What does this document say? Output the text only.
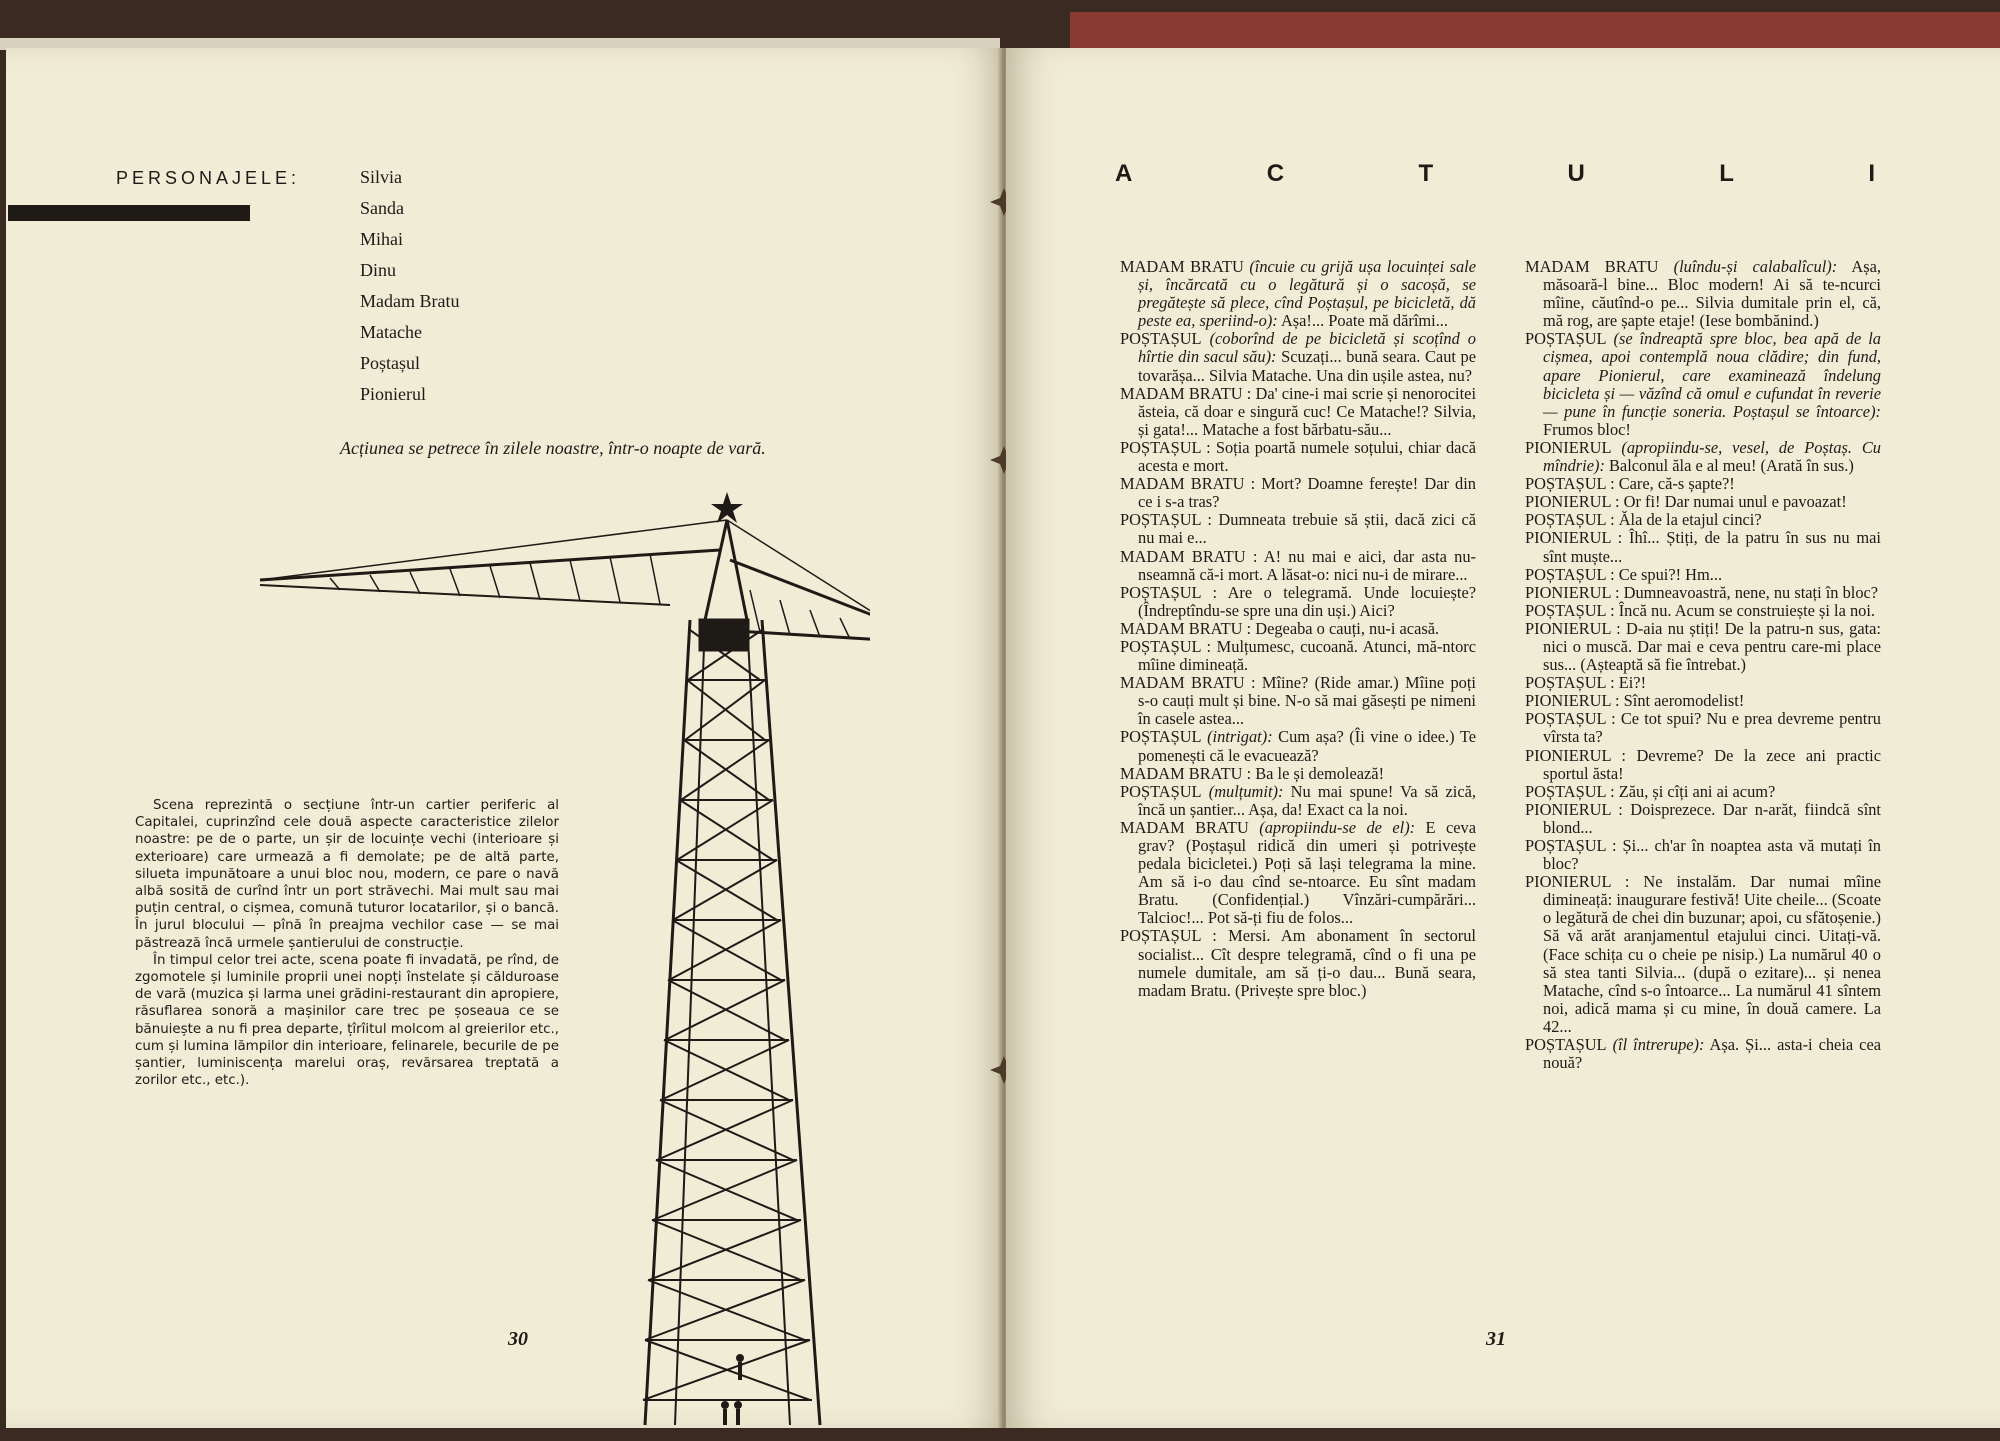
PERSONAJELE:	Silvia
Sanda
Mihai
Dinu
Madam Bratu
Matache
Poștașul
Pionierul
Acțiunea se petrece în zilele noastre, într-o noapte de vară.

Scena reprezintă o secțiune într-un cartier periferic al Capitalei, cuprinzînd cele două aspecte caracteristice zilelor noastre: pe de o parte, un șir de locuințe vechi (interioare și exterioare) care urmează a fi demolate; pe de altă parte, silueta impunătoare a unui bloc nou, modern, ce pare o navă albă sosită de curînd într un port străvechi. Mai mult sau mai puțin central, o cișmea, comună tuturor locatarilor, și o bancă. În jurul blocului — pînă în preajma vechilor case — se mai păstrează încă urmele șantierului de construcție.

În timpul celor trei acte, scena poate fi invadată, pe rînd, de zgomotele și luminile proprii unei nopți înstelate și călduroase de vară (muzica și larma unei grădini-restaurant din apropiere, răsuflarea sonoră a mașinilor care trec pe șoseaua ce se bănuiește a nu fi prea departe, țîrîitul molcom al greierilor etc., cum și lumina lămpilor din interioare, felinarele, becurile de pe șantier, luminiscența marelui oraș, revărsarea treptată a zorilor etc., etc.).

30
A	C	T	U	L	I

MADAM BRATU (încuie cu grijă ușa locuinței sale și, încărcată cu o legătură și o sacoșă, se pregătește să plece, cînd Poștașul, pe bicicletă, dă peste ea, speriind-o): Așa!... Poate mă dărîmi...

POȘTAȘUL (coborînd de pe bicicletă și scoțînd o hîrtie din sacul său): Scuzați... bună seara. Caut pe tovarășa... Silvia Matache. Una din ușile astea, nu?

MADAM BRATU : Da' cine-i mai scrie și nenorocitei ăsteia, că doar e singură cuc! Ce Matache!? Silvia, și gata!... Matache a fost bărbatu-său...

POȘTAȘUL : Soția poartă numele soțului, chiar dacă acesta e mort.

MADAM BRATU : Mort? Doamne ferește! Dar din ce i s-a tras?

POȘTAȘUL : Dumneata trebuie să știi, dacă zici că nu mai e...

MADAM BRATU : A! nu mai e aici, dar asta nu-nseamnă că-i mort. A lăsat-o: nici nu-i de mirare...

POȘTAȘUL : Are o telegramă. Unde locuiește? (Îndreptîndu-se spre una din uși.) Aici?

MADAM BRATU : Degeaba o cauți, nu-i acasă.

POȘTAȘUL : Mulțumesc, cucoană. Atunci, mă-ntorc mîine dimineață.

MADAM BRATU : Mîine? (Ride amar.) Mîine poți s-o cauți mult și bine. N-o să mai găsești pe nimeni în casele astea...

POȘTAȘUL (intrigat): Cum așa? (Îi vine o idee.) Te pomenești că le evacuează?

MADAM BRATU : Ba le și demolează!

POȘTAȘUL (mulțumit): Nu mai spune! Va să zică, încă un șantier... Așa, da! Exact ca la noi.

MADAM BRATU (apropiindu-se de el): E ceva grav? (Poștașul ridică din umeri și potrivește pedala bicicletei.) Poți să lași telegrama la mine. Am să i-o dau cînd se-ntoarce. Eu sînt madam Bratu. (Confidențial.) Vînzări-cumpărări... Talcioc!... Pot să-ți fiu de folos...

POȘTAȘUL : Mersi. Am abonament în sectorul socialist... Cît despre telegramă, cînd o fi una pe numele dumitale, am să ți-o dau... Bună seara, madam Bratu. (Privește spre bloc.)

MADAM BRATU (luîndu-și calabalîcul): Așa, măsoară-l bine... Bloc modern! Ai să te-ncurci mîine, căutînd-o pe... Silvia dumitale prin el, că, mă rog, are șapte etaje! (Iese bombănind.)

POȘTAȘUL (se îndreaptă spre bloc, bea apă de la cișmea, apoi contemplă noua clădire; din fund, apare Pionierul, care examinează îndelung bicicleta și — văzînd că omul e cufundat în reverie — pune în funcție soneria. Poștașul se întoarce): Frumos bloc!

PIONIERUL (apropiindu-se, vesel, de Poștaș. Cu mîndrie): Balconul ăla e al meu! (Arată în sus.)

POȘTAȘUL : Care, că-s șapte?!

PIONIERUL : Or fi! Dar numai unul e pavoazat!

POȘTAȘUL : Ăla de la etajul cinci?

PIONIERUL : Îhî... Știți, de la patru în sus nu mai sînt muște...

POȘTAȘUL : Ce spui?! Hm...

PIONIERUL : Dumneavoastră, nene, nu stați în bloc?

POȘTAȘUL : Încă nu. Acum se construiește și la noi.

PIONIERUL : D-aia nu știți! De la patru-n sus, gata: nici o muscă. Dar mai e ceva pentru care-mi place sus... (Așteaptă să fie întrebat.)

POȘTAȘUL : Ei?!

PIONIERUL : Sînt aeromodelist!

POȘTAȘUL : Ce tot spui? Nu e prea devreme pentru vîrsta ta?

PIONIERUL : Devreme? De la zece ani practic sportul ăsta!

POȘTAȘUL : Zău, și cîți ani ai acum?

PIONIERUL : Doisprezece. Dar n-arăt, fiindcă sînt blond...

POȘTAȘUL : Și... ch'ar în noaptea asta vă mutați în bloc?

PIONIERUL : Ne instalăm. Dar numai mîine dimineață: inaugurare festivă! Uite cheile... (Scoate o legătură de chei din buzunar; apoi, cu sfătoșenie.) Să vă arăt aranjamentul etajului cinci. Uitați-vă. (Face schița cu o cheie pe nisip.) La numărul 40 o să stea tanti Silvia... (după o ezitare)... și nenea Matache, cînd s-o întoarce... La numărul 41 sîntem noi, adică mama și cu mine, în două camere. La 42...

POȘTAȘUL (îl întrerupe): Așa. Și... asta-i cheia cea nouă?

31
